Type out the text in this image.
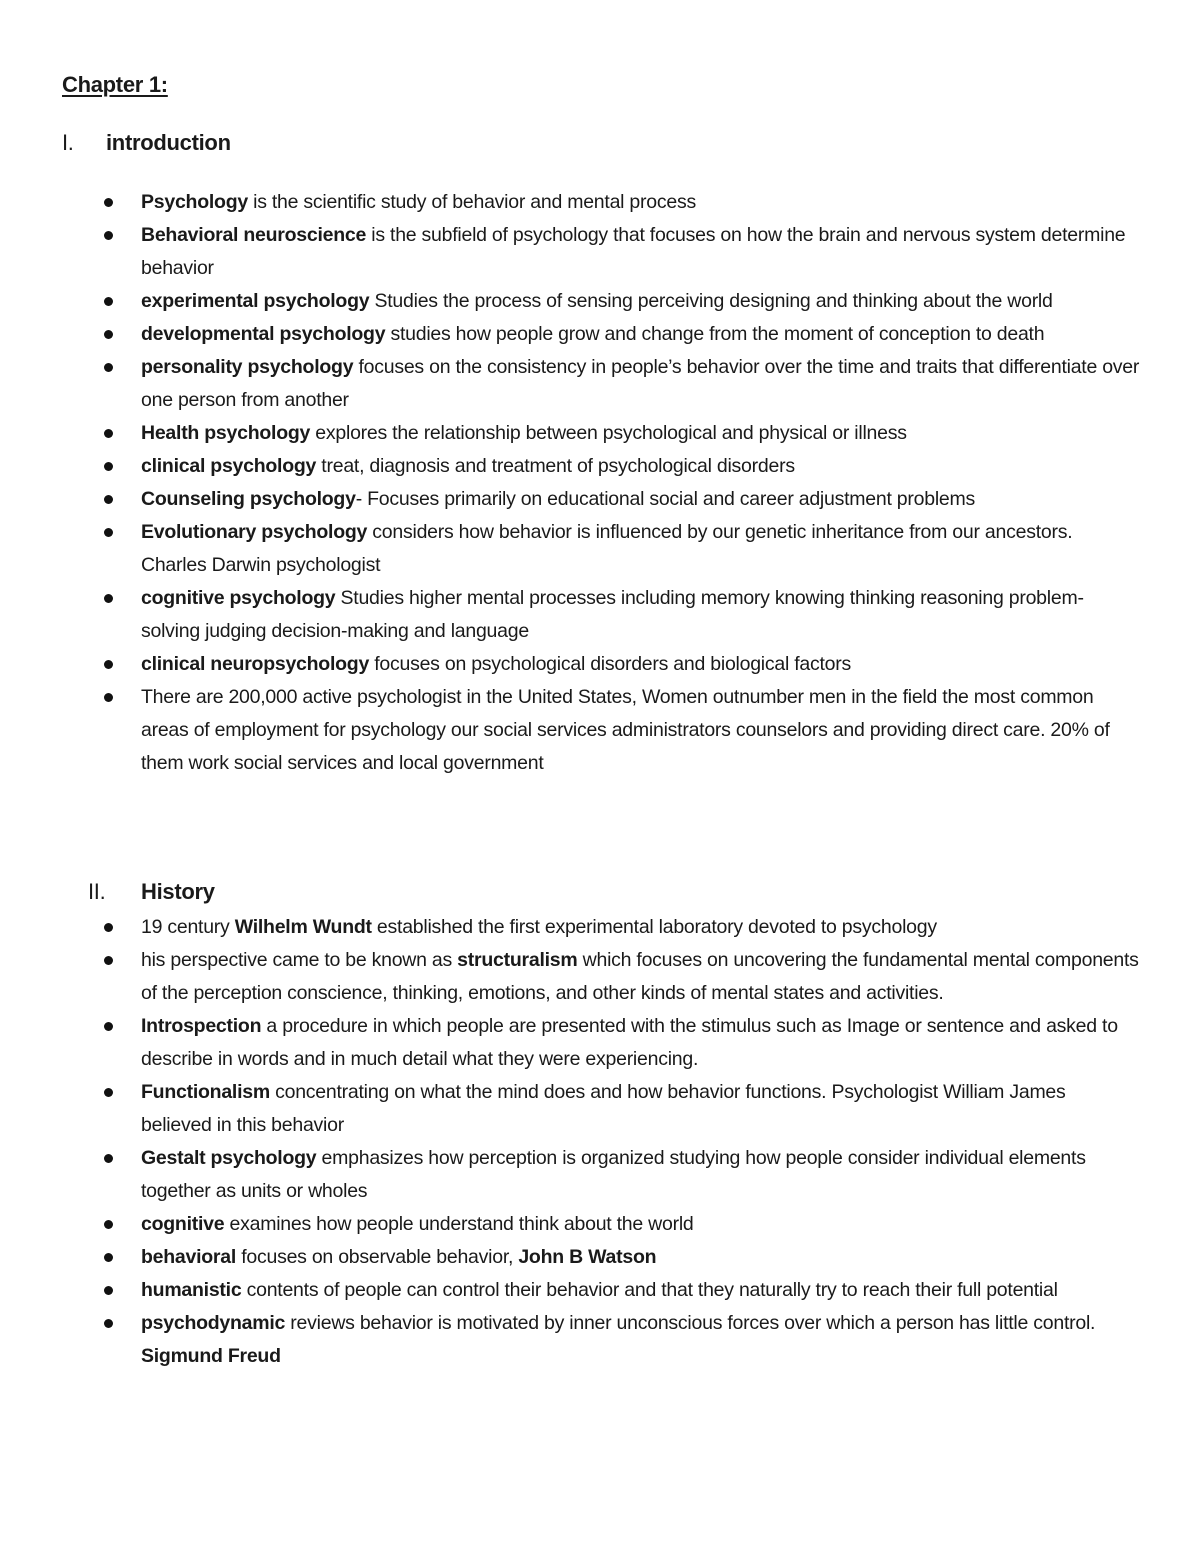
Chapter 1:
I. introduction
Psychology is the scientific study of behavior and mental process
Behavioral neuroscience is the subfield of psychology that focuses on how the brain and nervous system determine behavior
experimental psychology Studies the process of sensing perceiving designing and thinking about the world
developmental psychology studies how people grow and change from the moment of conception to death
personality psychology focuses on the consistency in people’s behavior over the time and traits that differentiate over one person from another
Health psychology explores the relationship between psychological and physical or illness
clinical psychology treat, diagnosis and treatment of psychological disorders
Counseling psychology- Focuses primarily on educational social and career adjustment problems
Evolutionary psychology considers how behavior is influenced by our genetic inheritance from our ancestors. Charles Darwin psychologist
cognitive psychology Studies higher mental processes including memory knowing thinking reasoning problem-solving judging decision-making and language
clinical neuropsychology focuses on psychological disorders and biological factors
There are 200,000 active psychologist in the United States, Women outnumber men in the field the most common areas of employment for psychology our social services administrators counselors and providing direct care. 20% of them work social services and local government
II. History
19 century Wilhelm Wundt established the first experimental laboratory devoted to psychology
his perspective came to be known as structuralism which focuses on uncovering the fundamental mental components of the perception conscience, thinking, emotions, and other kinds of mental states and activities.
Introspection a procedure in which people are presented with the stimulus such as Image or sentence and asked to describe in words and in much detail what they were experiencing.
Functionalism concentrating on what the mind does and how behavior functions. Psychologist William James believed in this behavior
Gestalt psychology emphasizes how perception is organized studying how people consider individual elements together as units or wholes
cognitive examines how people understand think about the world
behavioral focuses on observable behavior, John B Watson
humanistic contents of people can control their behavior and that they naturally try to reach their full potential
psychodynamic reviews behavior is motivated by inner unconscious forces over which a person has little control. Sigmund Freud
